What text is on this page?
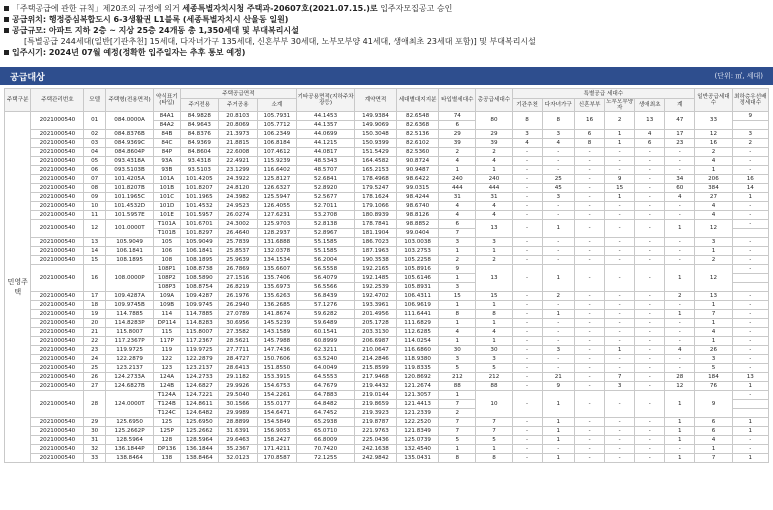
「주택공급에 관한 규칙」제20조의 규정에 의거 세종특별자치시청 주택과-20607호(2021.07.15.)로 입주자모집공고 승인
공급위치: 행정중심복합도시 6-3생활권 L1블록 (세종특별자치시 산울동 일원)
공급규모: 아파트 지하 2층 ~ 지상 25층 24개동 총 1,350세대 및 부대복리시설
[특별공급 244세대(일반[기관추천] 15세대, 다자녀가구 135세대, 신혼부부 30세대, 노부모부양 41세대, 생애최초 23세대 포함)] 및 부대복리시설
입주시기: 2024년 07월 예정(정확한 입주일자는 추후 통보 예정)
공급대상	(단위: ㎡, 세대)
주택구분	주택관리번호	모델	주택형(전용면적)	약식표기(타입)	주택공급면적			기타공용면적(지하주차장등)	계약면적	세대별대지지분	타입별세대수	총공급세대수	특별공급 세대수						일반공급세대수	최하층우선배정세대수
					주거전용	주거공용	소계						기관추천	다자녀가구	신혼부부	노부모부양자	생애최초	계		
민영주택	2021000540	01	084.0000A	84A1	84.9828	20.8103	105.7931	44.1453	149.9384	82.6548	74	80	8	8	16	2	13	47	33	9
				84A2	84.9643	20.8069	105.7712	44.1357	149.9069	82.6368	6									
	2021000540	02	084.8376B	84B	84.8376	21.3973	106.2349	44.0699	150.3048	82.5136	29	29	3	3	6	1	4	17	12	3
	2021000540	03	084.9369C	84C	84.9369	21.8815	106.8184	44.1215	150.9399	82.6102	39	39	4	4	8	1	6	23	16	2
	2021000540	04	084.8604P	84P	84.8604	22.6008	107.4612	44.0817	151.5429	82.5360	2	2	-	-	-	-	-	-	2	-
	2021000540	05	093.4318A	93A	93.4318	22.4921	115.9239	48.5343	164.4582	90.8724	4	4	-	-	-	-	-	-	4	-
	2021000540	06	093.5103B	93B	93.5103	23.1299	116.6402	48.5707	165.2153	90.9487	1	1	-	-	-	-	-	-	1	-
	2021000540	07	101.4205A	101A	101.4205	24.3922	125.8127	52.6841	178.4968	98.6422	240	240	-	25	-	9	-	34	206	16
	2021000540	08	101.8207B	101B	101.8207	24.8120	126.6327	52.8920	179.5247	99.0315	444	444	-	45	-	15	-	60	384	14
	2021000540	09	101.1965C	101C	101.1965	24.3982	125.5947	52.5677	178.1624	98.4244	31	31	-	3	-	1	-	4	27	1
	2021000540	10	101.4532D	101D	101.4532	24.9523	126.4055	52.7011	179.1066	98.6740	4	4	-	-	-	-	-	-	4	-
	2021000540	11	101.5957E	101E	101.5957	26.0274	127.6231	53.2708	180.8939	98.8126	4	4	-	-	-	-	-	-	4	-
	2021000540	12	101.0000T	T101A	101.6701	24.3002	125.9703	52.8138	178.7841	98.8852	6	13	-	1	-	-	-	1	12	-
				T101B	101.8297	26.4640	128.2937	52.8967	181.1904	99.0404	7									
	2021000540	13	105.9049	105	105.9049	25.7839	131.6888	55.1585	186.7023	103.0038	3	3	-	-	-	-	-	-	3	-
	2021000540	14	106.1841	106	106.1841	25.8537	132.0378	55.1585	187.1963	103.2753	1	1	-	-	-	-	-	-	1	-
	2021000540	15	108.1895	108	108.1895	25.9639	134.1534	56.2004	190.3538	105.2258	2	2	-	-	-	-	-	-	2	-
	2021000540	16	108.0000P	108P1	108.8738	26.7869	135.6607	56.5558	192.2165	105.8916	9	13	-	1	-	-	-	1	12	-
				108P2	108.5890	27.1516	135.7406	56.4079	192.1485	105.6146	1									
				108P3	108.8754	26.8219	135.6973	56.5566	192.2539	105.8931	3									
	2021000540	17	109.4287A	109A	109.4287	26.1976	135.6263	56.8439	192.4702	106.4311	15	15	-	2	-	-	-	2	13	-
	2021000540	18	109.9745B	109B	109.9745	26.2940	136.2685	57.1276	193.3961	106.9619	1	1	-	-	-	-	-	-	1	-
	2021000540	19	114.7885	114	114.7885	27.0789	141.8674	59.6282	201.4956	111.6441	8	8	-	1	-	-	-	1	7	-
	2021000540	20	114.8283P	DP114	114.8283	30.6956	145.5239	59.6489	205.1728	111.6829	1	1	-	-	-	-	-	-	1	-
	2021000540	21	115.8007	115	115.8007	27.3582	143.1589	60.1541	203.3130	112.6285	4	4	-	-	-	-	-	-	4	-
	2021000540	22	117.2367P	117P	117.2367	28.5621	145.7988	60.8999	206.6987	114.0254	1	1	-	-	-	-	-	-	1	-
	2021000540	23	119.9725	119	119.9725	27.7711	147.7436	62.3211	210.0647	116.6860	30	30	-	3	-	1	-	4	26	-
	2021000540	24	122.2879	122	122.2879	28.4727	150.7606	63.5240	214.2846	118.9380	3	3	-	-	-	-	-	-	3	-
	2021000540	25	123.2137	123	123.2137	28.6413	151.8550	64.0049	215.8599	119.8335	5	5	-	-	-	-	-	-	5	-
	2021000540	26	124.2733A	124A	124.2733	29.1182	153.3915	64.5553	217.9468	120.8692	212	212	-	21	-	7	-	28	184	13
	2021000540	27	124.6827B	124B	124.6827	29.9926	154.6753	64.7679	219.4432	121.2674	88	88	-	9	-	3	-	12	76	1
	2021000540	28	124.0000T	T124A	124.7221	29.5040	154.2261	64.7883	219.0144	121.3057	1	10	-	1	-	-	-	1	9	-
				T124B	124.8611	30.1566	155.0177	64.8482	219.8659	121.4413	7									
				T124C	124.6482	29.9989	154.6471	64.7452	219.3923	121.2339	2									
	2021000540	29	125.6950	125	125.6950	28.8899	154.5849	65.2938	219.8787	122.2520	7	7	-	1	-	-	-	1	6	1
	2021000540	30	125.2662P	125P	125.2662	31.6391	156.9053	65.0710	221.9763	121.8349	7	7	-	1	-	-	-	1	6	1
	2021000540	31	128.5964	128	128.5964	29.6463	158.2427	66.8009	225.0436	125.0739	5	5	-	1	-	-	-	1	4	-
	2021000540	32	136.1844P	DP136	136.1844	35.2367	171.4211	70.7420	242.1638	132.4540	1	1	-	-	-	-	-	-	1	-
	2021000540	33	138.8464	138	138.8464	32.0123	170.8587	72.1255	242.9842	135.0431	8	8	-	1	-	-	-	1	7	1
